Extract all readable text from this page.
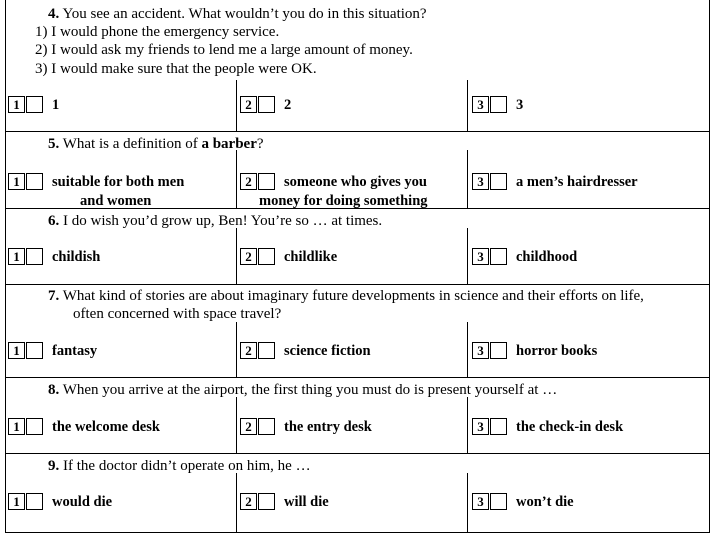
4. You see an accident. What wouldn’t you do in this situation?
1) I would phone the emergency service.
2) I would ask my friends to lend me a large amount of money.
3) I would make sure that the people were OK.
1	1	2	2	3	3
5. What is a definition of a barber?
1	suitable for both men
and women
2	someone who gives you
money for doing something
3	a men’s hairdresser
6. I do wish you’d grow up, Ben! You’re so … at times.
1	childish	2	childlike	3	childhood
7. What kind of stories are about imaginary future developments in science and their efforts on life,
often concerned with space travel?
1	fantasy	2	science fiction	3	horror books
8. When you arrive at the airport, the first thing you must do is present yourself at …
1	the welcome desk	2	the entry desk	3	the check-in desk
9. If the doctor didn’t operate on him, he …
1	would die	2	will die	3	won’t die
